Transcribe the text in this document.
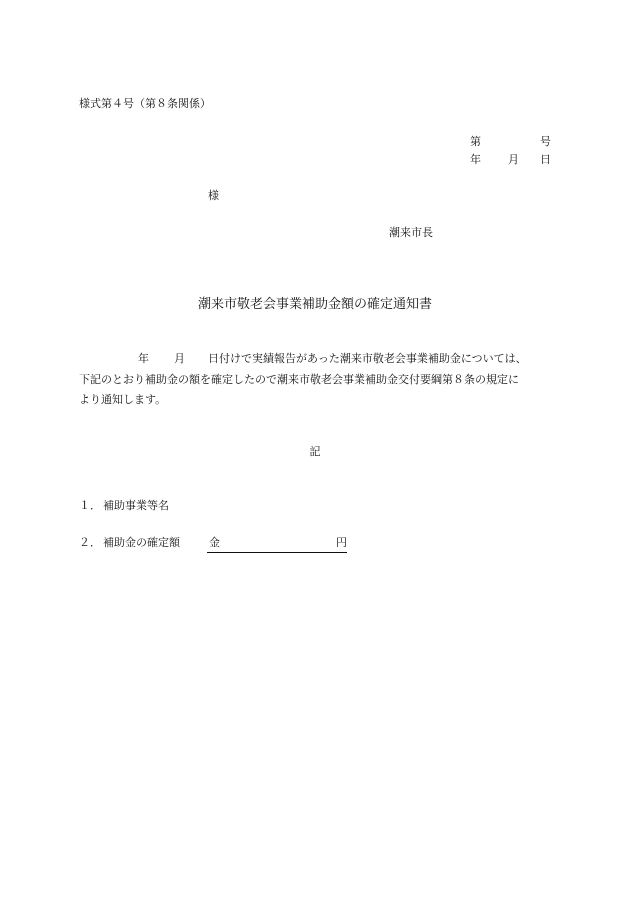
様式第４号（第８条関係）
第	号
年 月 日
様
潮来市長
潮来市敬老会事業補助金額の確定通知書
年 月 日付けで実績報告があった潮来市敬老会事業補助金については、
下記のとおり補助金の額を確定したので潮来市敬老会事業補助金交付要綱第８条の規定に
より通知します。
記
１． 補助事業等名
２． 補助金の確定額	金	円
